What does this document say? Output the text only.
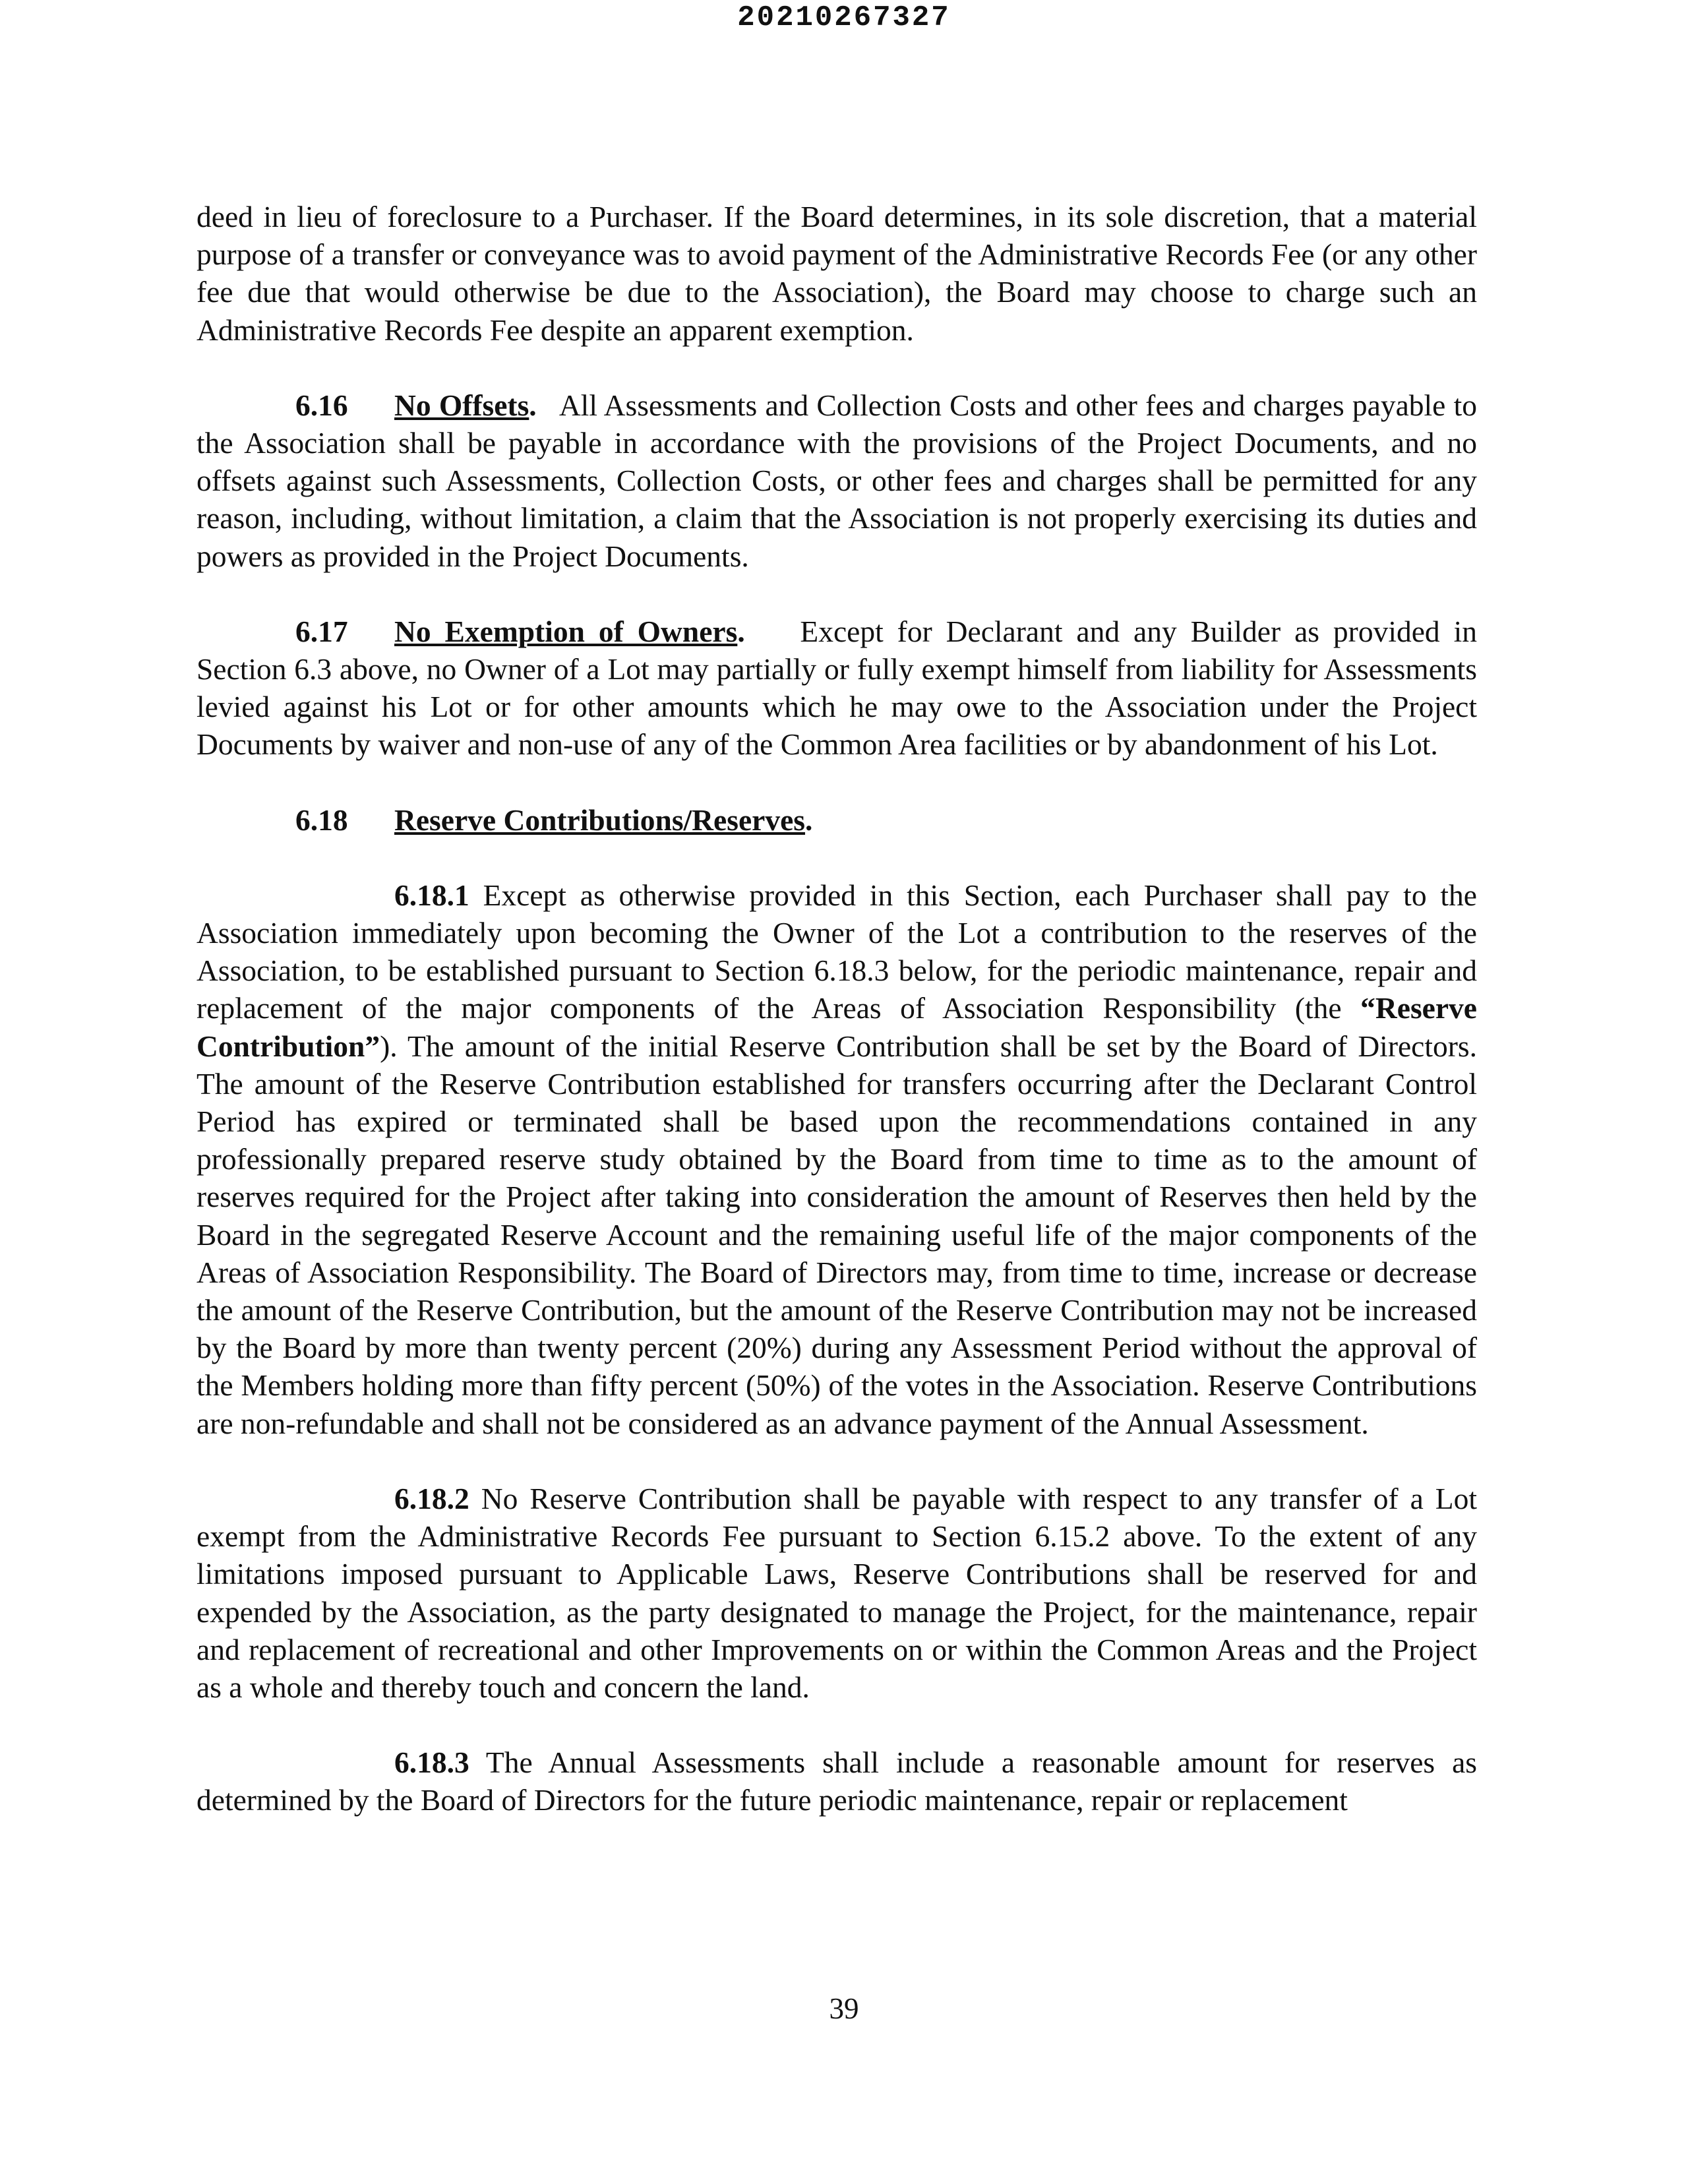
20210267327

deed in lieu of foreclosure to a Purchaser. If the Board determines, in its sole discretion, that a material purpose of a transfer or conveyance was to avoid payment of the Administrative Records Fee (or any other fee due that would otherwise be due to the Association), the Board may choose to charge such an Administrative Records Fee despite an apparent exemption.

6.16 No Offsets. All Assessments and Collection Costs and other fees and charges payable to the Association shall be payable in accordance with the provisions of the Project Documents, and no offsets against such Assessments, Collection Costs, or other fees and charges shall be permitted for any reason, including, without limitation, a claim that the Association is not properly exercising its duties and powers as provided in the Project Documents.

6.17 No Exemption of Owners. Except for Declarant and any Builder as provided in Section 6.3 above, no Owner of a Lot may partially or fully exempt himself from liability for Assessments levied against his Lot or for other amounts which he may owe to the Association under the Project Documents by waiver and non-use of any of the Common Area facilities or by abandonment of his Lot.

6.18 Reserve Contributions/Reserves.

6.18.1 Except as otherwise provided in this Section, each Purchaser shall pay to the Association immediately upon becoming the Owner of the Lot a contribution to the reserves of the Association, to be established pursuant to Section 6.18.3 below, for the periodic maintenance, repair and replacement of the major components of the Areas of Association Responsibility (the “Reserve Contribution”). The amount of the initial Reserve Contribution shall be set by the Board of Directors. The amount of the Reserve Contribution established for transfers occurring after the Declarant Control Period has expired or terminated shall be based upon the recommendations contained in any professionally prepared reserve study obtained by the Board from time to time as to the amount of reserves required for the Project after taking into consideration the amount of Reserves then held by the Board in the segregated Reserve Account and the remaining useful life of the major components of the Areas of Association Responsibility. The Board of Directors may, from time to time, increase or decrease the amount of the Reserve Contribution, but the amount of the Reserve Contribution may not be increased by the Board by more than twenty percent (20%) during any Assessment Period without the approval of the Members holding more than fifty percent (50%) of the votes in the Association. Reserve Contributions are non-refundable and shall not be considered as an advance payment of the Annual Assessment.

6.18.2 No Reserve Contribution shall be payable with respect to any transfer of a Lot exempt from the Administrative Records Fee pursuant to Section 6.15.2 above. To the extent of any limitations imposed pursuant to Applicable Laws, Reserve Contributions shall be reserved for and expended by the Association, as the party designated to manage the Project, for the maintenance, repair and replacement of recreational and other Improvements on or within the Common Areas and the Project as a whole and thereby touch and concern the land.

6.18.3 The Annual Assessments shall include a reasonable amount for reserves as determined by the Board of Directors for the future periodic maintenance, repair or replacement

39
